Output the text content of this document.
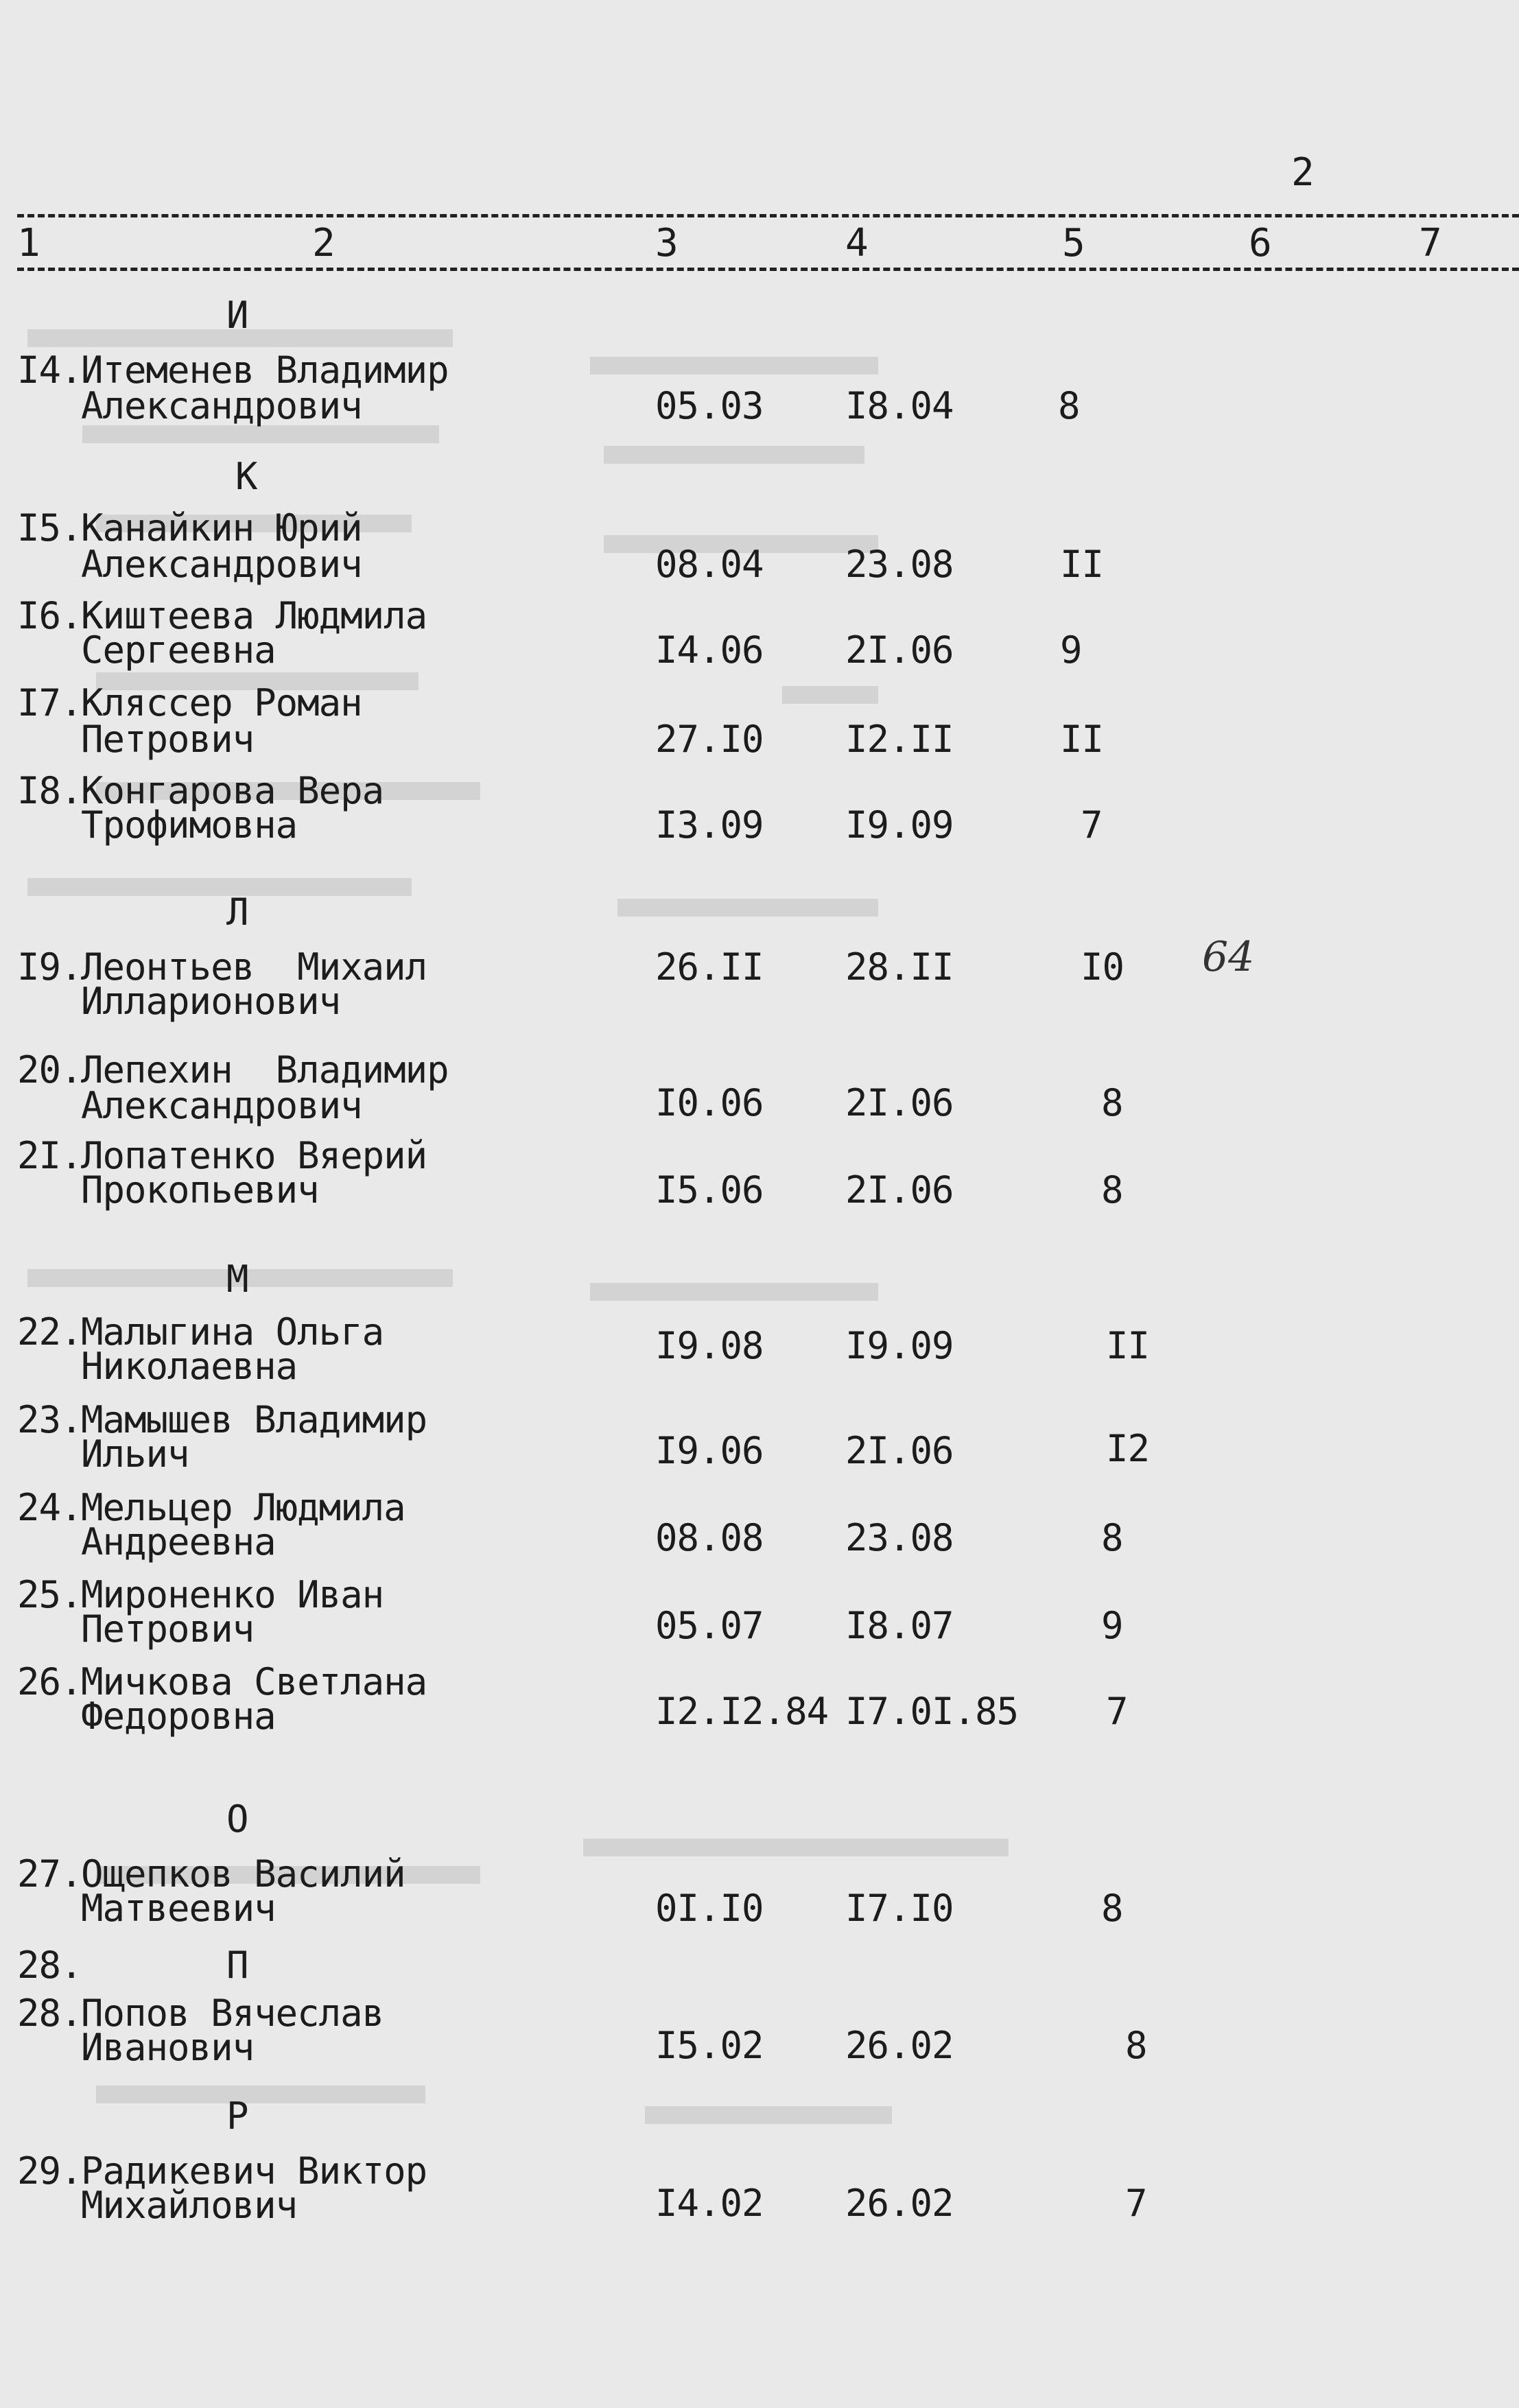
2
1	2	3	4	5	6	7
И
I4.
Итеменев Владимир
Александрович	05.03 I8.04	8
К
I5.
Канайкин Юрий
Александрович	08.04 23.08	II
I6.
Киштеева Людмила
Сергеевна	I4.06 2I.06	9
I7.
Кляссер Роман
Петрович	27.I0 I2.II	II
I8.
Конгарова Вера
Трофимовна	I3.09 I9.09	7
Л
I9.
Леонтьев  Михаил
Илларионович
26.II 28.II	I0 64
20.
Лепехин  Владимир
Александрович	I0.06 2I.06	8
2I.
Лопатенко Вяерий
Прокопьевич	I5.06 2I.06	8
М
22.
Малыгина Ольга
Николаевна	I9.08 I9.09	II
23.
Мамышев Владимир
Ильич	I9.06 2I.06	I2
24.
Мельцер Людмила
Андреевна	08.08 23.08	8
25.
Мироненко Иван
Петрович	05.07 I8.07	9
26.
Мичкова Светлана
Федоровна	I2.I2.84 I7.0I.85 7
О
27.
Ощепков Василий
Матвеевич	0I.I0 I7.I0	8
28.	П
28.
Попов Вячеслав
Иванович	I5.02 26.02	8
Р
29.
Радикевич Виктор
Михайлович	I4.02 26.02	7
